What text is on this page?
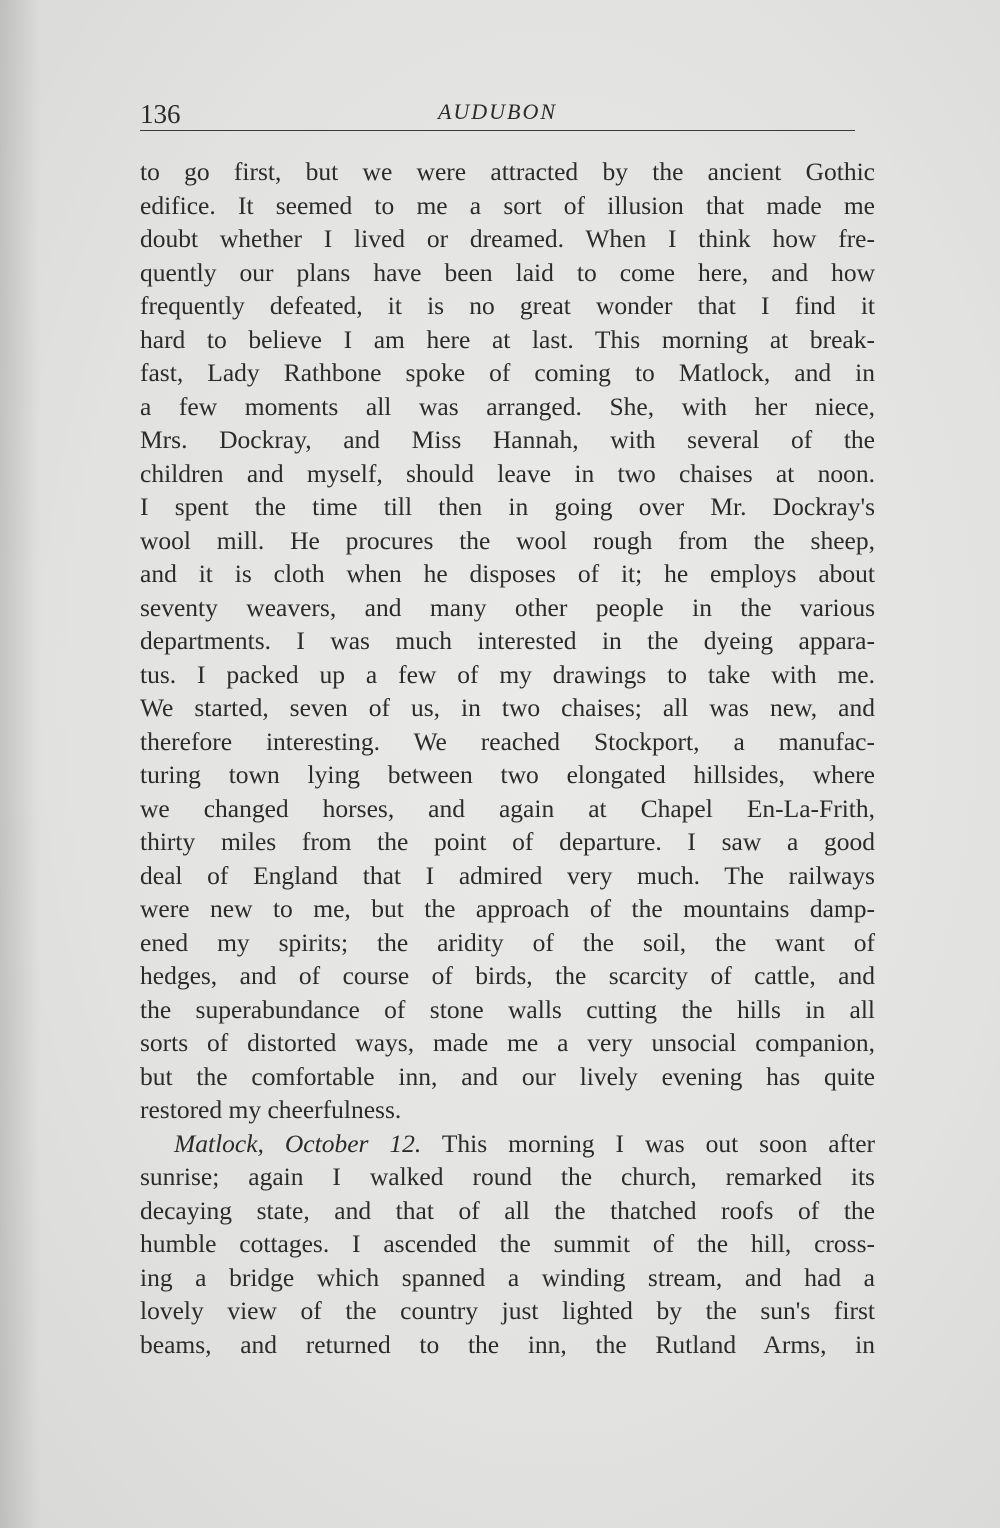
136	AUDUBON
to go first, but we were attracted by the ancient Gothic
edifice. It seemed to me a sort of illusion that made me
doubt whether I lived or dreamed. When I think how fre-
quently our plans have been laid to come here, and how
frequently defeated, it is no great wonder that I find it
hard to believe I am here at last. This morning at break-
fast, Lady Rathbone spoke of coming to Matlock, and in
a few moments all was arranged. She, with her niece,
Mrs. Dockray, and Miss Hannah, with several of the
children and myself, should leave in two chaises at noon.
I spent the time till then in going over Mr. Dockray's
wool mill. He procures the wool rough from the sheep,
and it is cloth when he disposes of it; he employs about
seventy weavers, and many other people in the various
departments. I was much interested in the dyeing appara-
tus. I packed up a few of my drawings to take with me.
We started, seven of us, in two chaises; all was new, and
therefore interesting. We reached Stockport, a manufac-
turing town lying between two elongated hillsides, where
we changed horses, and again at Chapel En-La-Frith,
thirty miles from the point of departure. I saw a good
deal of England that I admired very much. The railways
were new to me, but the approach of the mountains damp-
ened my spirits; the aridity of the soil, the want of
hedges, and of course of birds, the scarcity of cattle, and
the superabundance of stone walls cutting the hills in all
sorts of distorted ways, made me a very unsocial companion,
but the comfortable inn, and our lively evening has quite
restored my cheerfulness.
Matlock, October 12. This morning I was out soon after
sunrise; again I walked round the church, remarked its
decaying state, and that of all the thatched roofs of the
humble cottages. I ascended the summit of the hill, cross-
ing a bridge which spanned a winding stream, and had a
lovely view of the country just lighted by the sun's first
beams, and returned to the inn, the Rutland Arms, in
